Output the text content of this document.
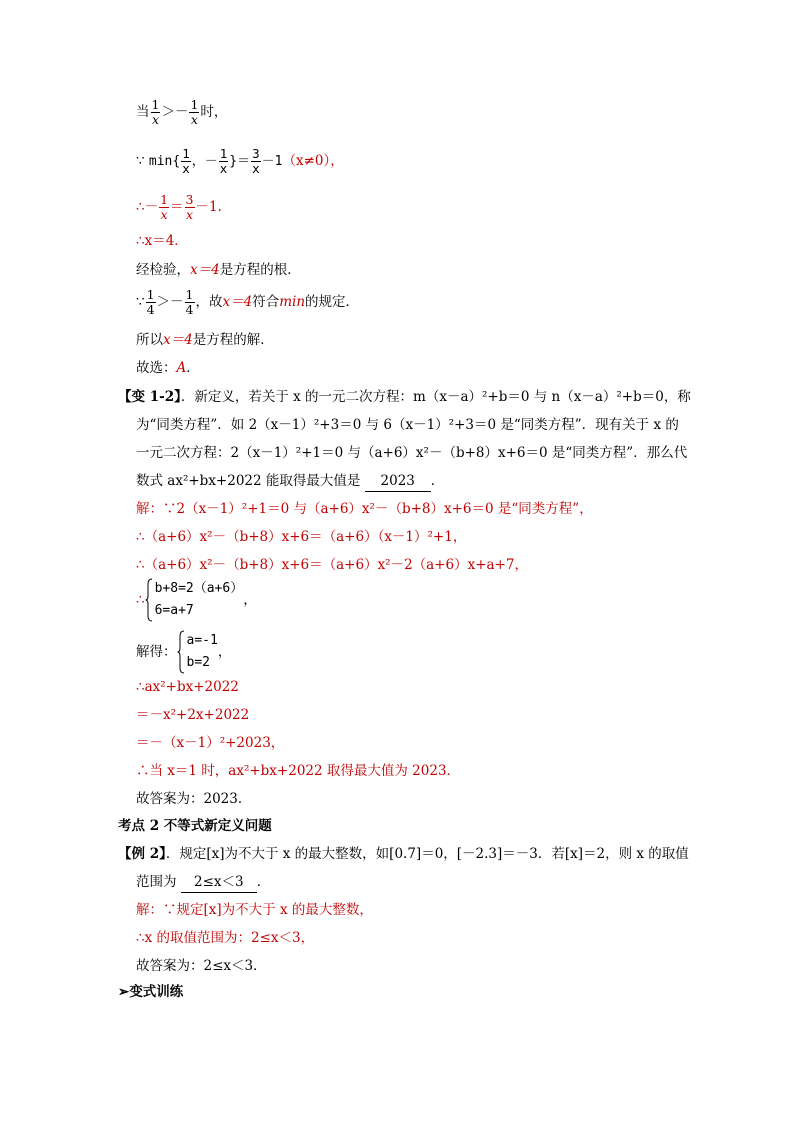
当 $\frac{1}{x} >- \frac{1}{x}$ 时，
∵ $\min\{ \frac{1}{x}$ ，－ $\frac{1}{x}$ }＝ $\frac{3}{x} -1(x\ne 0)$，
∴－ $\frac{1}{x} = \frac{3}{x} -1$．
∴x＝4．
经检验，x＝4是方程的根．
∵ $\frac{1}{4} >- \frac{1}{4}$ ，故x＝4符合min的规定．
所以x＝4是方程的解．
故选：A．
【变 1-2】．新定义，若关于 x 的一元二次方程：m（x－a）²+b＝0 与 n（x－a）²+b＝0，称
为“同类方程”．如 2（x－1）²+3＝0 与 6（x－1）²+3＝0 是“同类方程”．现有关于 x 的
一元二次方程：2（x－1）²+1＝0 与（a+6）x²－（b+8）x+6＝0 是“同类方程”．那么代
数式 ax²+bx+2022 能取得最大值是 2023 ．
解：∵2（x－1）²+1＝0 与（a+6）x²－（b+8）x+6＝0 是“同类方程”，
∴（a+6）x²－（b+8）x+6＝（a+6）（x－1）²+1，
∴（a+6）x²－（b+8）x+6＝（a+6）x²－2（a+6）x+a+7，
∴
b+8=2（a+6）
6=a+7
，
解得：
a=-1
b=2
，
∴ax²+bx+2022
＝－x²+2x+2022
＝－（x－1）²+2023，
∴当 x＝1 时，ax²+bx+2022 取得最大值为 2023．
故答案为：2023．
考点 2 不等式新定义问题
【例 2】．规定[x]为不大于 x 的最大整数，如[0.7]＝0，[－2.3]＝－3．若[x]＝2，则 x 的取值
范围为 2≤x＜3 ．
解：∵规定[x]为不大于 x 的最大整数，
∴x 的取值范围为：2≤x＜3，
故答案为：2≤x＜3．
➢变式训练
